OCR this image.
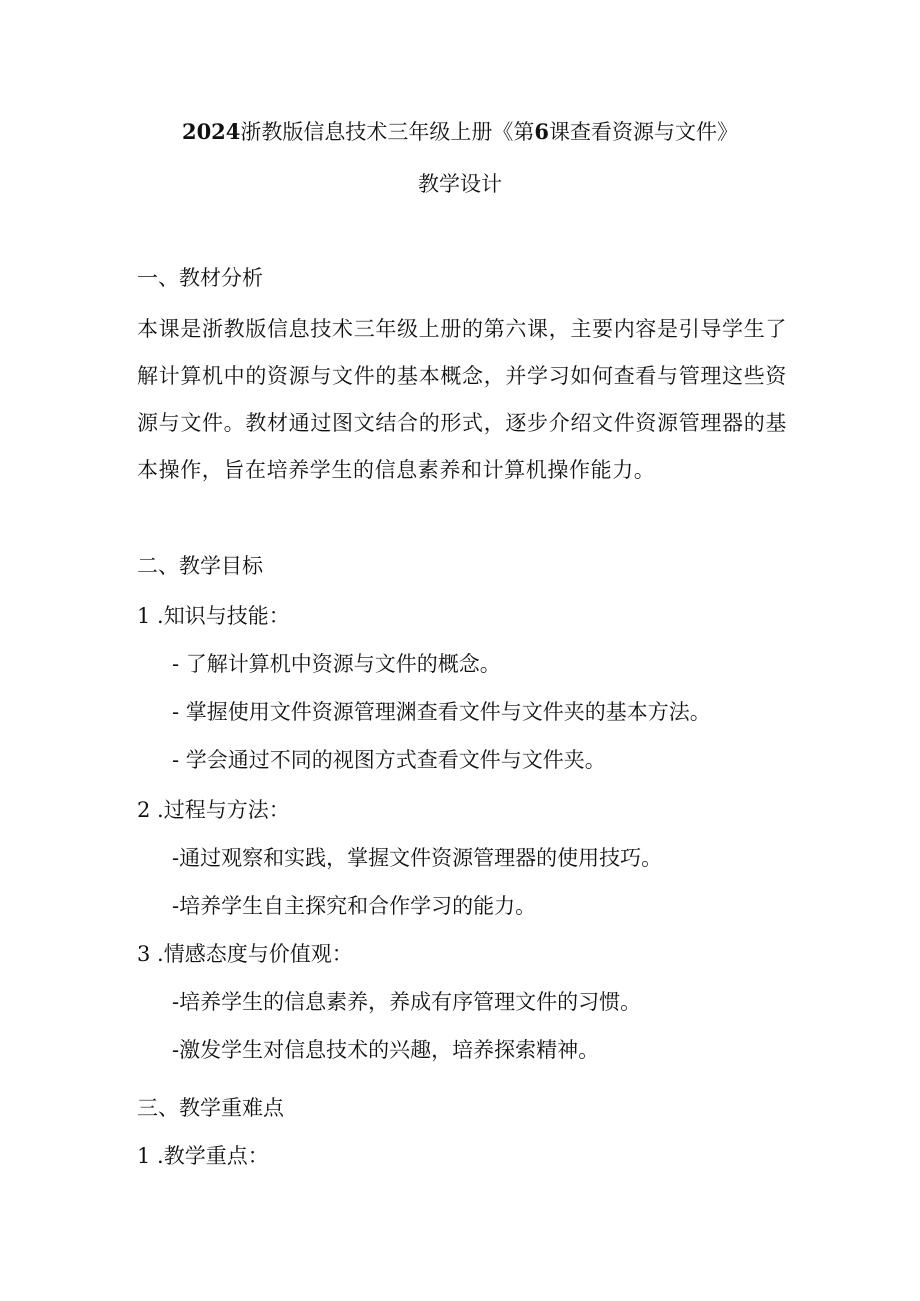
2024浙教版信息技术三年级上册《第6课查看资源与文件》
教学设计
一、教材分析
本课是浙教版信息技术三年级上册的第六课，主要内容是引导学生了解计算机中的资源与文件的基本概念，并学习如何查看与管理这些资源与文件。教材通过图文结合的形式，逐步介绍文件资源管理器的基本操作，旨在培养学生的信息素养和计算机操作能力。
二、教学目标
1 .知识与技能：
- 了解计算机中资源与文件的概念。
- 掌握使用文件资源管理渊查看文件与文件夹的基本方法。
- 学会通过不同的视图方式查看文件与文件夹。
2 .过程与方法：
-通过观察和实践，掌握文件资源管理器的使用技巧。
-培养学生自主探究和合作学习的能力。
3 .情感态度与价值观：
-培养学生的信息素养，养成有序管理文件的习惯。
-激发学生对信息技术的兴趣，培养探索精神。
三、教学重难点
1 .教学重点：
